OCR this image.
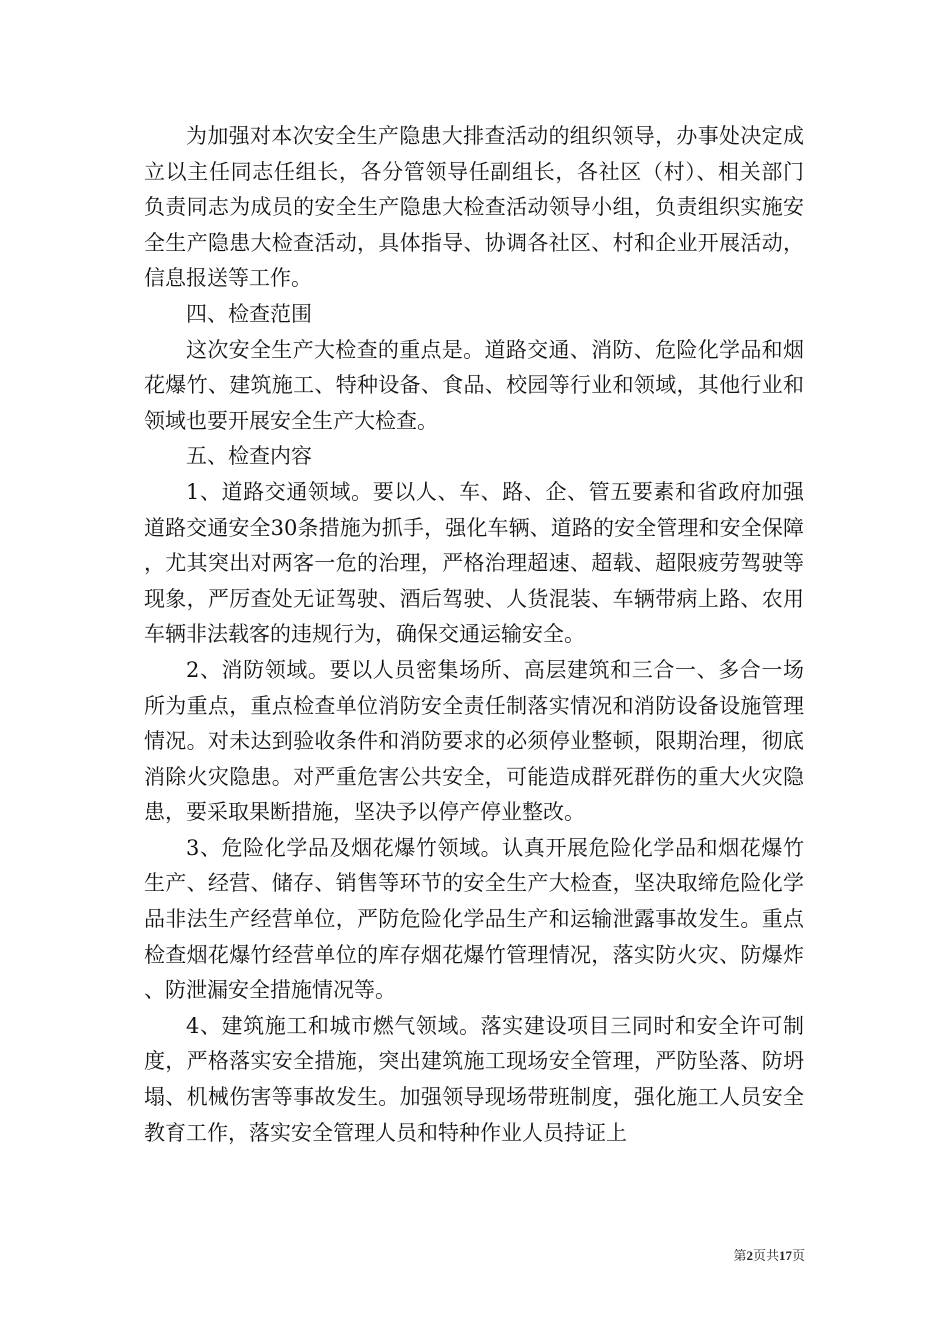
为加强对本次安全生产隐患大排查活动的组织领导，办事处决定成立以主任同志任组长，各分管领导任副组长，各社区（村）、相关部门负责同志为成员的安全生产隐患大检查活动领导小组，负责组织实施安全生产隐患大检查活动，具体指导、协调各社区、村和企业开展活动，信息报送等工作。

四、检查范围

这次安全生产大检查的重点是。道路交通、消防、危险化学品和烟花爆竹、建筑施工、特种设备、食品、校园等行业和领域，其他行业和领域也要开展安全生产大检查。

五、检查内容

1、道路交通领域。要以人、车、路、企、管五要素和省政府加强道路交通安全30条措施为抓手，强化车辆、道路的安全管理和安全保障，尤其突出对两客一危的治理，严格治理超速、超载、超限疲劳驾驶等现象，严厉查处无证驾驶、酒后驾驶、人货混装、车辆带病上路、农用车辆非法载客的违规行为，确保交通运输安全。

2、消防领域。要以人员密集场所、高层建筑和三合一、多合一场所为重点，重点检查单位消防安全责任制落实情况和消防设备设施管理情况。对未达到验收条件和消防要求的必须停业整顿，限期治理，彻底消除火灾隐患。对严重危害公共安全，可能造成群死群伤的重大火灾隐患，要采取果断措施，坚决予以停产停业整改。

3、危险化学品及烟花爆竹领域。认真开展危险化学品和烟花爆竹生产、经营、储存、销售等环节的安全生产大检查，坚决取缔危险化学品非法生产经营单位，严防危险化学品生产和运输泄露事故发生。重点检查烟花爆竹经营单位的库存烟花爆竹管理情况，落实防火灾、防爆炸、防泄漏安全措施情况等。

4、建筑施工和城市燃气领域。落实建设项目三同时和安全许可制度，严格落实安全措施，突出建筑施工现场安全管理，严防坠落、防坍塌、机械伤害等事故发生。加强领导现场带班制度，强化施工人员安全教育工作，落实安全管理人员和特种作业人员持证上

第2页共17页
